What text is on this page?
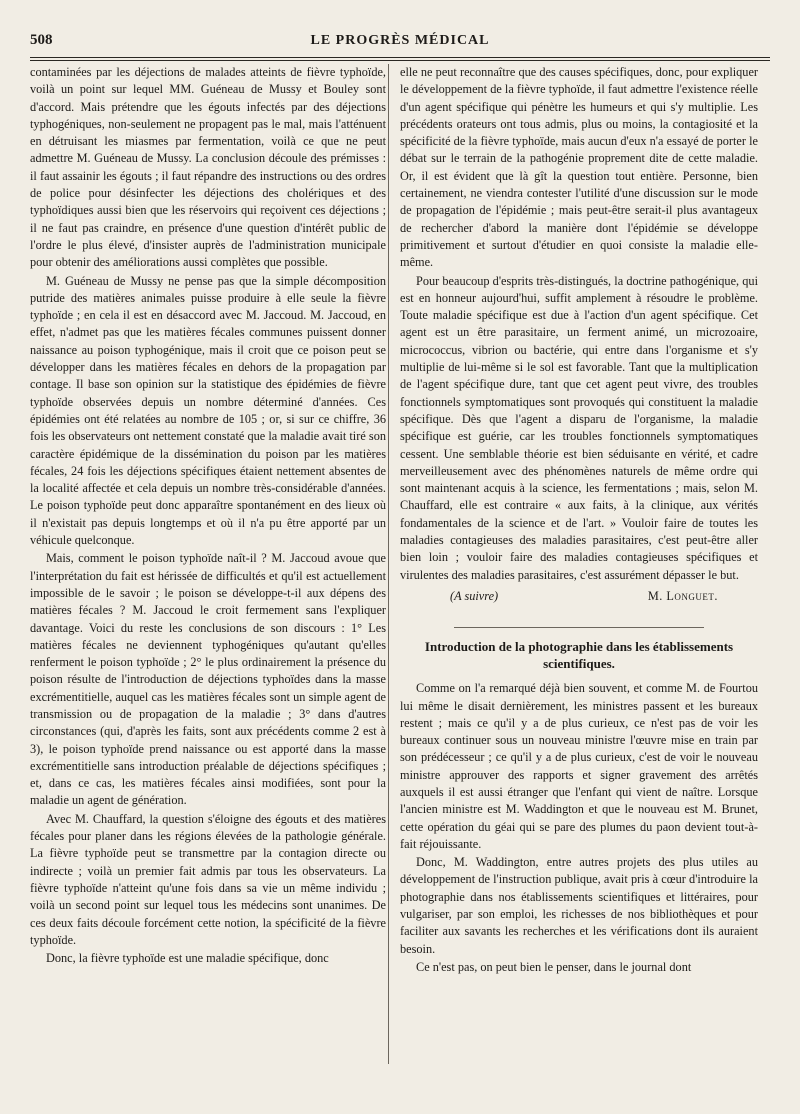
508	LE PROGRÈS MÉDICAL

contaminées par les déjections de malades atteints de fièvre typhoïde, voilà un point sur lequel MM. Guéneau de Mussy et Bouley sont d'accord. Mais prétendre que les égouts infectés par des déjections typhogéniques, non-seulement ne propagent pas le mal, mais l'atténuent en détruisant les miasmes par fermentation, voilà ce que ne peut admettre M. Guéneau de Mussy. La conclusion découle des prémisses : il faut assainir les égouts ; il faut répandre des instructions ou des ordres de police pour désinfecter les déjections des cholériques et des typhoïdiques aussi bien que les réservoirs qui reçoivent ces déjections ; il ne faut pas craindre, en présence d'une question d'intérêt public de l'ordre le plus élevé, d'insister auprès de l'administration municipale pour obtenir des améliorations aussi complètes que possible.

M. Guéneau de Mussy ne pense pas que la simple décomposition putride des matières animales puisse produire à elle seule la fièvre typhoïde ; en cela il est en désaccord avec M. Jaccoud. M. Jaccoud, en effet, n'admet pas que les matières fécales communes puissent donner naissance au poison typhogénique, mais il croit que ce poison peut se développer dans les matières fécales en dehors de la propagation par contage. Il base son opinion sur la statistique des épidémies de fièvre typhoïde observées depuis un nombre déterminé d'années. Ces épidémies ont été relatées au nombre de 105 ; or, si sur ce chiffre, 36 fois les observateurs ont nettement constaté que la maladie avait tiré son caractère épidémique de la dissémination du poison par les matières fécales, 24 fois les déjections spécifiques étaient nettement absentes de la localité affectée et cela depuis un nombre très-considérable d'années. Le poison typhoïde peut donc apparaître spontanément en des lieux où il n'existait pas depuis longtemps et où il n'a pu être apporté par un véhicule quelconque.

Mais, comment le poison typhoïde naît-il ? M. Jaccoud avoue que l'interprétation du fait est hérissée de difficultés et qu'il est actuellement impossible de le savoir ; le poison se développe-t-il aux dépens des matières fécales ? M. Jaccoud le croit fermement sans l'expliquer davantage. Voici du reste les conclusions de son discours : 1° Les matières fécales ne deviennent typhogéniques qu'autant qu'elles renferment le poison typhoïde ; 2° le plus ordinairement la présence du poison résulte de l'introduction de déjections typhoïdes dans la masse excrémentitielle, auquel cas les matières fécales sont un simple agent de transmission ou de propagation de la maladie ; 3° dans d'autres circonstances (qui, d'après les faits, sont aux précédents comme 2 est à 3), le poison typhoïde prend naissance ou est apporté dans la masse excrémentitielle sans introduction préalable de déjections spécifiques ; et, dans ce cas, les matières fécales ainsi modifiées, sont pour la maladie un agent de génération.

Avec M. Chauffard, la question s'éloigne des égouts et des matières fécales pour planer dans les régions élevées de la pathologie générale. La fièvre typhoïde peut se transmettre par la contagion directe ou indirecte ; voilà un premier fait admis par tous les observateurs. La fièvre typhoïde n'atteint qu'une fois dans sa vie un même individu ; voilà un second point sur lequel tous les médecins sont unanimes. De ces deux faits découle forcément cette notion, la spécificité de la fièvre typhoïde.

Donc, la fièvre typhoïde est une maladie spécifique, donc

elle ne peut reconnaître que des causes spécifiques, donc, pour expliquer le développement de la fièvre typhoïde, il faut admettre l'existence réelle d'un agent spécifique qui pénètre les humeurs et qui s'y multiplie. Les précédents orateurs ont tous admis, plus ou moins, la contagiosité et la spécificité de la fièvre typhoïde, mais aucun d'eux n'a essayé de porter le débat sur le terrain de la pathogénie proprement dite de cette maladie. Or, il est évident que là gît la question tout entière. Personne, bien certainement, ne viendra contester l'utilité d'une discussion sur le mode de propagation de l'épidémie ; mais peut-être serait-il plus avantageux de rechercher d'abord la manière dont l'épidémie se développe primitivement et surtout d'étudier en quoi consiste la maladie elle-même.

Pour beaucoup d'esprits très-distingués, la doctrine pathogénique, qui est en honneur aujourd'hui, suffit amplement à résoudre le problème. Toute maladie spécifique est due à l'action d'un agent spécifique. Cet agent est un être parasitaire, un ferment animé, un microzoaire, micrococcus, vibrion ou bactérie, qui entre dans l'organisme et s'y multiplie de lui-même si le sol est favorable. Tant que la multiplication de l'agent spécifique dure, tant que cet agent peut vivre, des troubles fonctionnels symptomatiques sont provoqués qui constituent la maladie spécifique. Dès que l'agent a disparu de l'organisme, la maladie spécifique est guérie, car les troubles fonctionnels symptomatiques cessent. Une semblable théorie est bien séduisante en vérité, et cadre merveilleusement avec des phénomènes naturels de même ordre qui sont maintenant acquis à la science, les fermentations ; mais, selon M. Chauffard, elle est contraire « aux faits, à la clinique, aux vérités fondamentales de la science et de l'art. » Vouloir faire de toutes les maladies contagieuses des maladies parasitaires, c'est peut-être aller bien loin ; vouloir faire des maladies contagieuses spécifiques et virulentes des maladies parasitaires, c'est assurément dépasser le but.

(A suivre)	M. Longuet.
Introduction de la photographie dans les établissements scientifiques.

Comme on l'a remarqué déjà bien souvent, et comme M. de Fourtou lui même le disait dernièrement, les ministres passent et les bureaux restent ; mais ce qu'il y a de plus curieux, ce n'est pas de voir les bureaux continuer sous un nouveau ministre l'œuvre mise en train par son prédécesseur ; ce qu'il y a de plus curieux, c'est de voir le nouveau ministre approuver des rapports et signer gravement des arrêtés auxquels il est aussi étranger que l'enfant qui vient de naître. Lorsque l'ancien ministre est M. Waddington et que le nouveau est M. Brunet, cette opération du géai qui se pare des plumes du paon devient tout-à-fait réjouissante.

Donc, M. Waddington, entre autres projets des plus utiles au développement de l'instruction publique, avait pris à cœur d'introduire la photographie dans nos établissements scientifiques et littéraires, pour vulgariser, par son emploi, les richesses de nos bibliothèques et pour faciliter aux savants les recherches et les vérifications dont ils auraient besoin.

Ce n'est pas, on peut bien le penser, dans le journal dont
